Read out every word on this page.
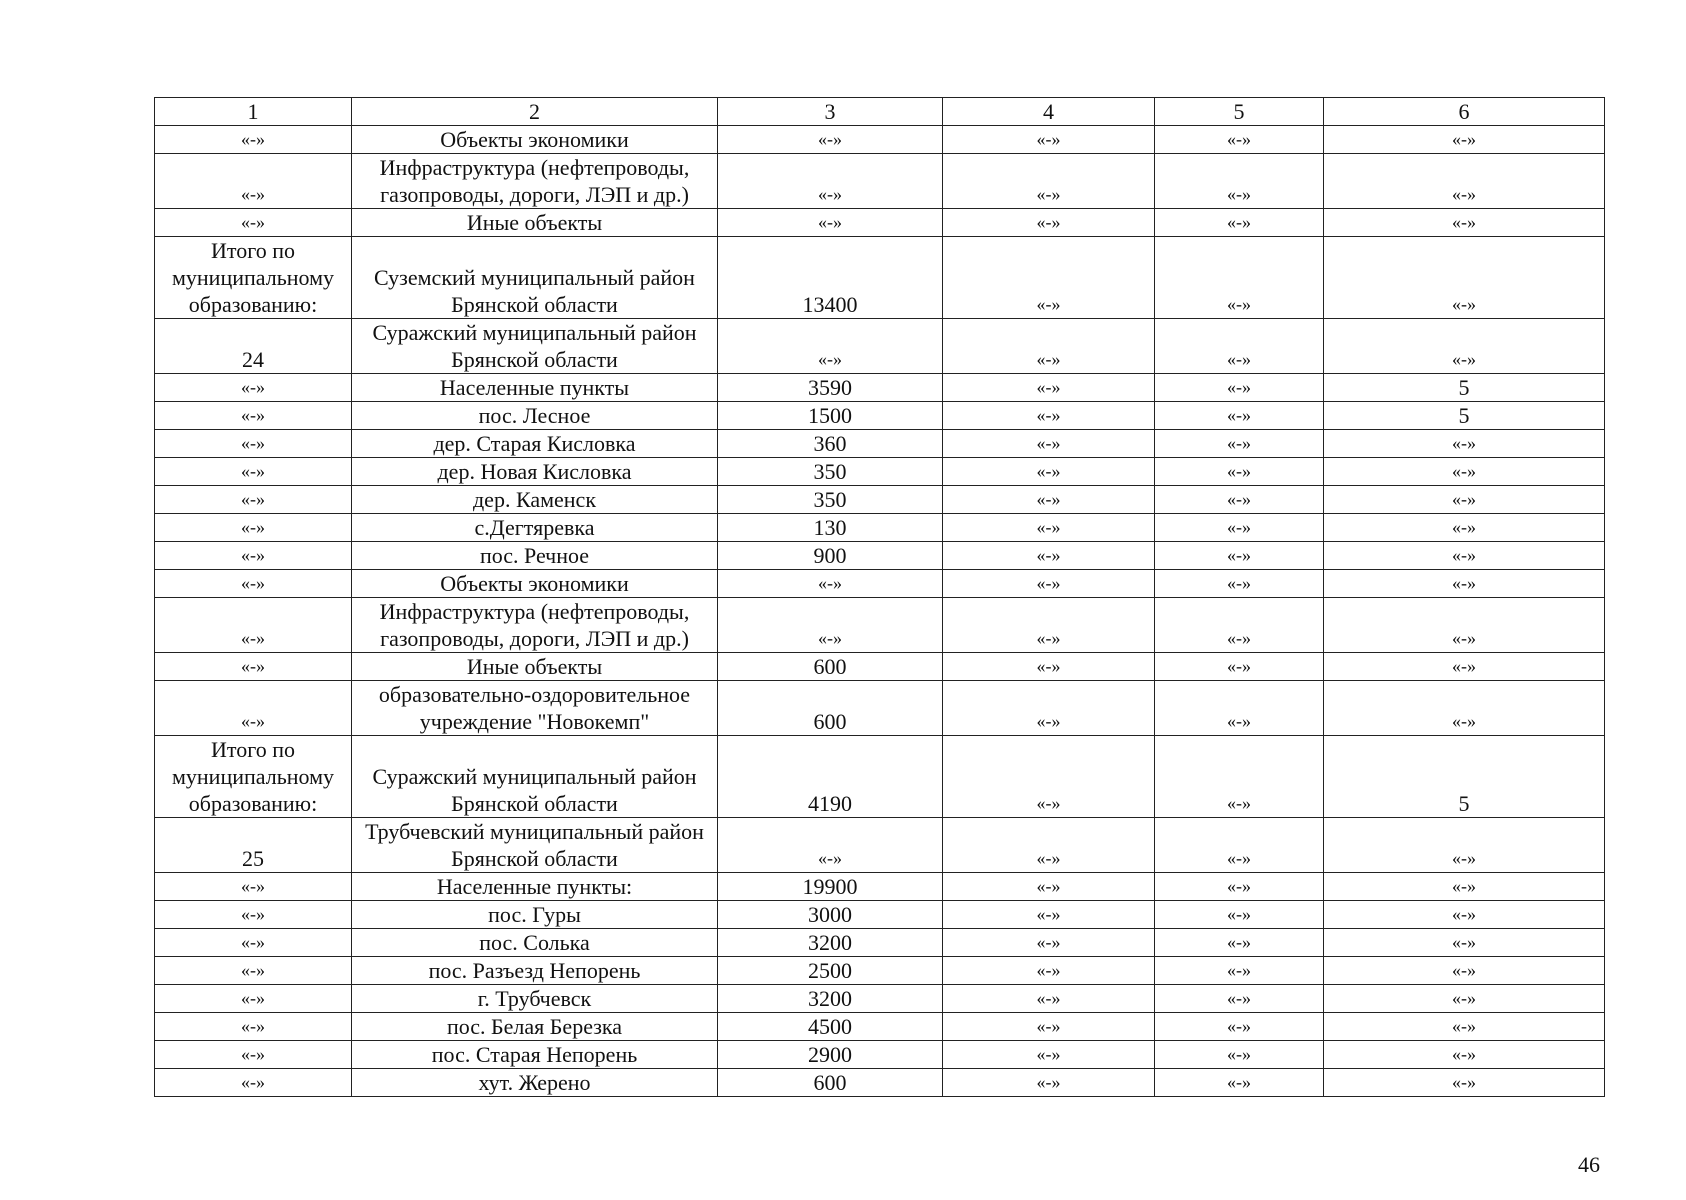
1	2	3	4	5	6
«-»	Объекты экономики	«-»	«-»	«-»	«-»
«-»	Инфраструктура (нефтепроводы, газопроводы, дороги, ЛЭП и др.)	«-»	«-»	«-»	«-»
«-»	Иные объекты	«-»	«-»	«-»	«-»
Итого по муниципальному образованию:	Суземский муниципальный район Брянской области	13400	«-»	«-»	«-»
24	Суражский муниципальный район Брянской области	«-»	«-»	«-»	«-»
«-»	Населенные пункты	3590	«-»	«-»	5
«-»	пос. Лесное	1500	«-»	«-»	5
«-»	дер. Старая Кисловка	360	«-»	«-»	«-»
«-»	дер. Новая Кисловка	350	«-»	«-»	«-»
«-»	дер. Каменск	350	«-»	«-»	«-»
«-»	с.Дегтяревка	130	«-»	«-»	«-»
«-»	пос. Речное	900	«-»	«-»	«-»
«-»	Объекты экономики	«-»	«-»	«-»	«-»
«-»	Инфраструктура (нефтепроводы, газопроводы, дороги, ЛЭП и др.)	«-»	«-»	«-»	«-»
«-»	Иные объекты	600	«-»	«-»	«-»
«-»	образовательно-оздоровительное учреждение "Новокемп"	600	«-»	«-»	«-»
Итого по муниципальному образованию:	Суражский муниципальный район Брянской области	4190	«-»	«-»	5
25	Трубчевский муниципальный район Брянской области	«-»	«-»	«-»	«-»
«-»	Населенные пункты:	19900	«-»	«-»	«-»
«-»	пос. Гуры	3000	«-»	«-»	«-»
«-»	пос. Солька	3200	«-»	«-»	«-»
«-»	пос. Разъезд Непорень	2500	«-»	«-»	«-»
«-»	г. Трубчевск	3200	«-»	«-»	«-»
«-»	пос. Белая Березка	4500	«-»	«-»	«-»
«-»	пос. Старая Непорень	2900	«-»	«-»	«-»
«-»	хут. Жерено	600	«-»	«-»	«-»
46
